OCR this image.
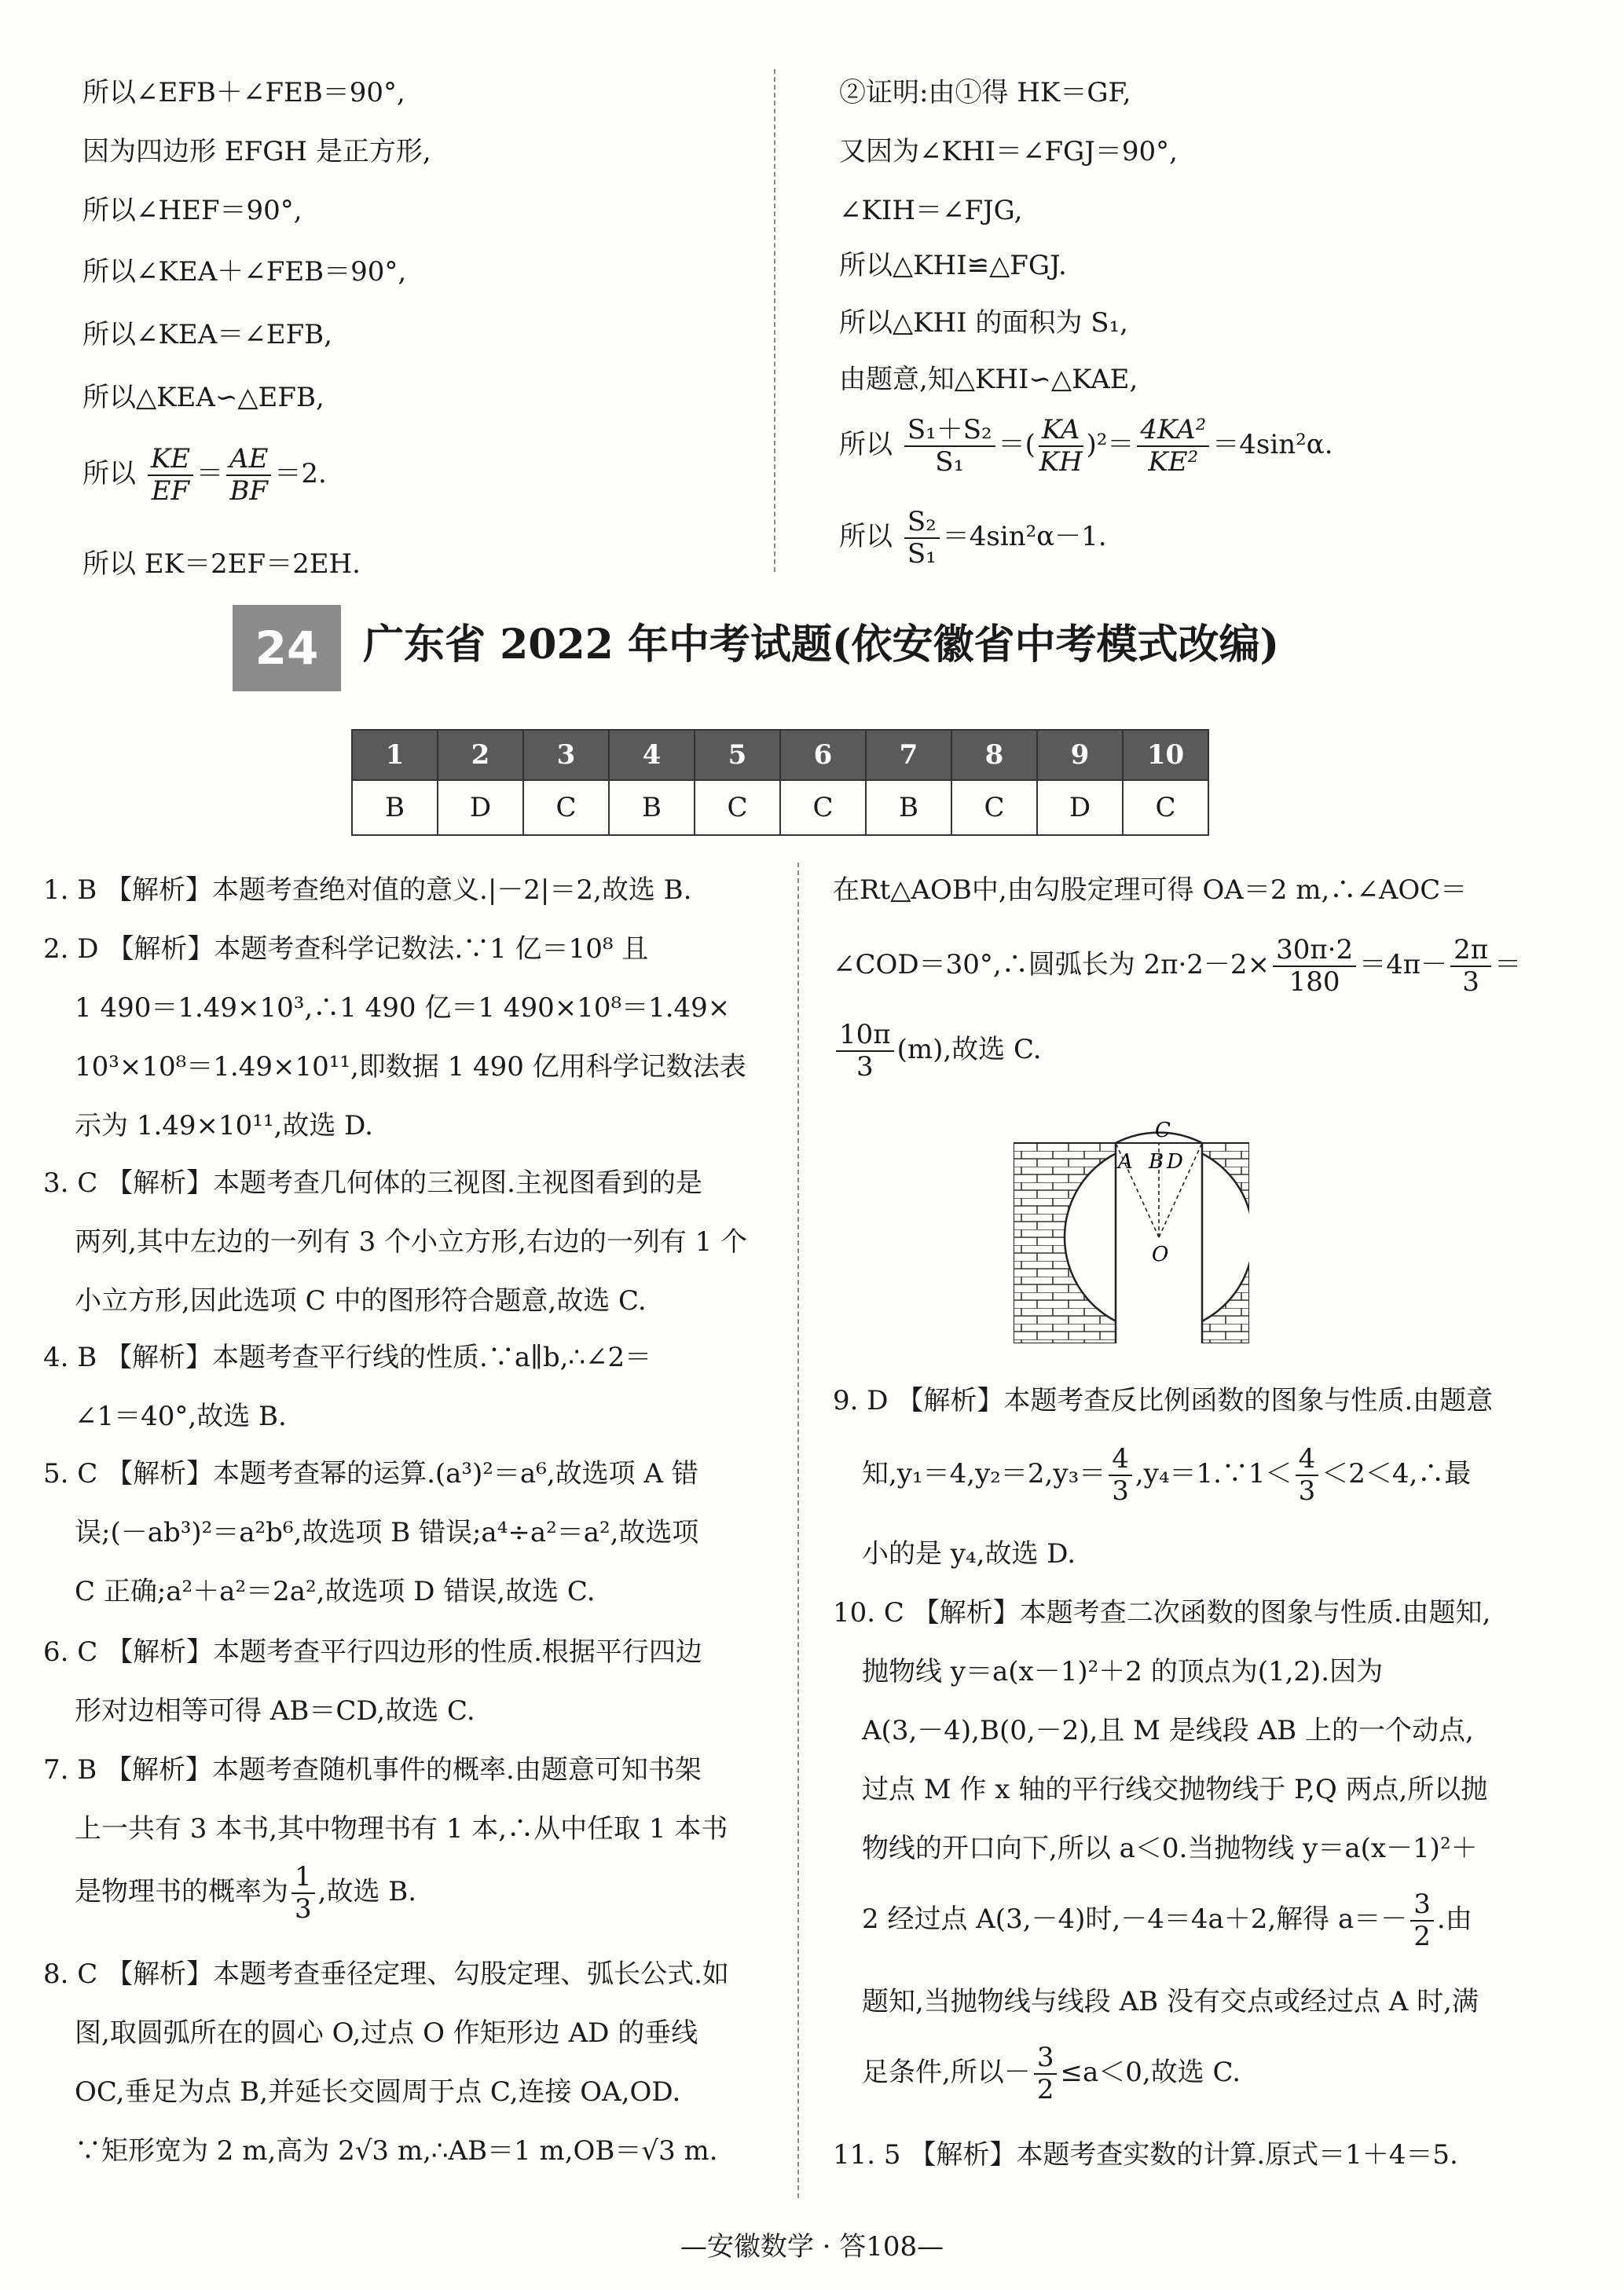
所以∠EFB＋∠FEB＝90°,
因为四边形 EFGH 是正方形,
所以∠HEF＝90°,
所以∠KEA＋∠FEB＝90°,
所以∠KEA＝∠EFB,
所以△KEA∽△EFB,
所以 $\frac{KE}{EF} = \frac{AE}{BF} =2$.
所以 EK＝2EF＝2EH.
②证明:由①得 HK＝GF,
又因为∠KHI＝∠FGJ＝90°,
∠KIH＝∠FJG,
所以△KHI≌△FGJ.
所以△KHI 的面积为 S₁,
由题意,知△KHI∽△KAE,
所以 $\frac{\text{S₁＋S₂}}{\text{S₁}}$ ＝( $\frac{KA}{KH} )^2= \frac{\text{4KA²}}{\text{KE²}} =4\sin^2\alpha$.
所以 $\frac{\text{S₂}}{\text{S₁}} =4\sin^2\alpha-1$.
24	广东省 2022 年中考试题(依安徽省中考模式改编)
1	2	3	4	5	6	7	8	9	10
B	D	C	B	C	C	B	C	D	C
1. B 【解析】本题考查绝对值的意义.|－2|＝2,故选 B.
2. D 【解析】本题考查科学记数法.∵1 亿＝10⁸ 且
1 490＝1.49×10³,∴1 490 亿＝1 490×10⁸＝1.49×
10³×10⁸＝1.49×10¹¹,即数据 1 490 亿用科学记数法表
示为 1.49×10¹¹,故选 D.
3. C 【解析】本题考查几何体的三视图.主视图看到的是
两列,其中左边的一列有 3 个小立方形,右边的一列有 1 个
小立方形,因此选项 C 中的图形符合题意,故选 C.
4. B 【解析】本题考查平行线的性质.∵a∥b,∴∠2＝
∠1＝40°,故选 B.
5. C 【解析】本题考查幂的运算.(a³)²＝a⁶,故选项 A 错
误;(－ab³)²＝a²b⁶,故选项 B 错误;a⁴÷a²＝a²,故选项
C 正确;a²＋a²＝2a²,故选项 D 错误,故选 C.
6. C 【解析】本题考查平行四边形的性质.根据平行四边
形对边相等可得 AB＝CD,故选 C.
7. B 【解析】本题考查随机事件的概率.由题意可知书架
上一共有 3 本书,其中物理书有 1 本,∴从中任取 1 本书
是物理书的概率为 $\frac{1}{3}$ ,故选 B.
8. C 【解析】本题考查垂径定理、勾股定理、弧长公式.如
图,取圆弧所在的圆心 O,过点 O 作矩形边 AD 的垂线
OC,垂足为点 B,并延长交圆周于点 C,连接 OA,OD.
∵矩形宽为 2 m,高为 2√3 m,∴AB＝1 m,OB＝√3 m.
在Rt△AOB中,由勾股定理可得 OA＝2 m,∴∠AOC＝
∠COD＝30°,∴圆弧长为 $2\pi\cdot 2-2\times \frac{30\pi\cdot 2}{180} =4\pi- \frac{2\pi}{3}$ ＝
$\frac{10\pi}{3} (m)$,故选 C.
C
A B D
O
9. D 【解析】本题考查反比例函数的图象与性质.由题意
知$,y_1=4,y_2=2,y_3= \frac{4}{3}$ ,y₄＝1.∵1＜ $\frac{4}{3}$ ＜2＜4,∴最
小的是 y₄,故选 D.
10. C 【解析】本题考查二次函数的图象与性质.由题知,
抛物线 y＝a(x－1)²＋2 的顶点为(1,2).因为
A(3,－4),B(0,－2),且 M 是线段 AB 上的一个动点,
过点 M 作 x 轴的平行线交抛物线于 P,Q 两点,所以抛
物线的开口向下,所以 a＜0.当抛物线 y＝a(x－1)²＋
2 经过点 A(3,－4)时,－4＝4a＋2,解得 $a=- \frac{3}{2}$ .由
题知,当抛物线与线段 AB 没有交点或经过点 A 时,满
足条件,所以－ $\frac{3}{2} \le a<0$,故选 C.
11. 5 【解析】本题考查实数的计算.原式＝1＋4＝5.
—安徽数学 · 答108—
